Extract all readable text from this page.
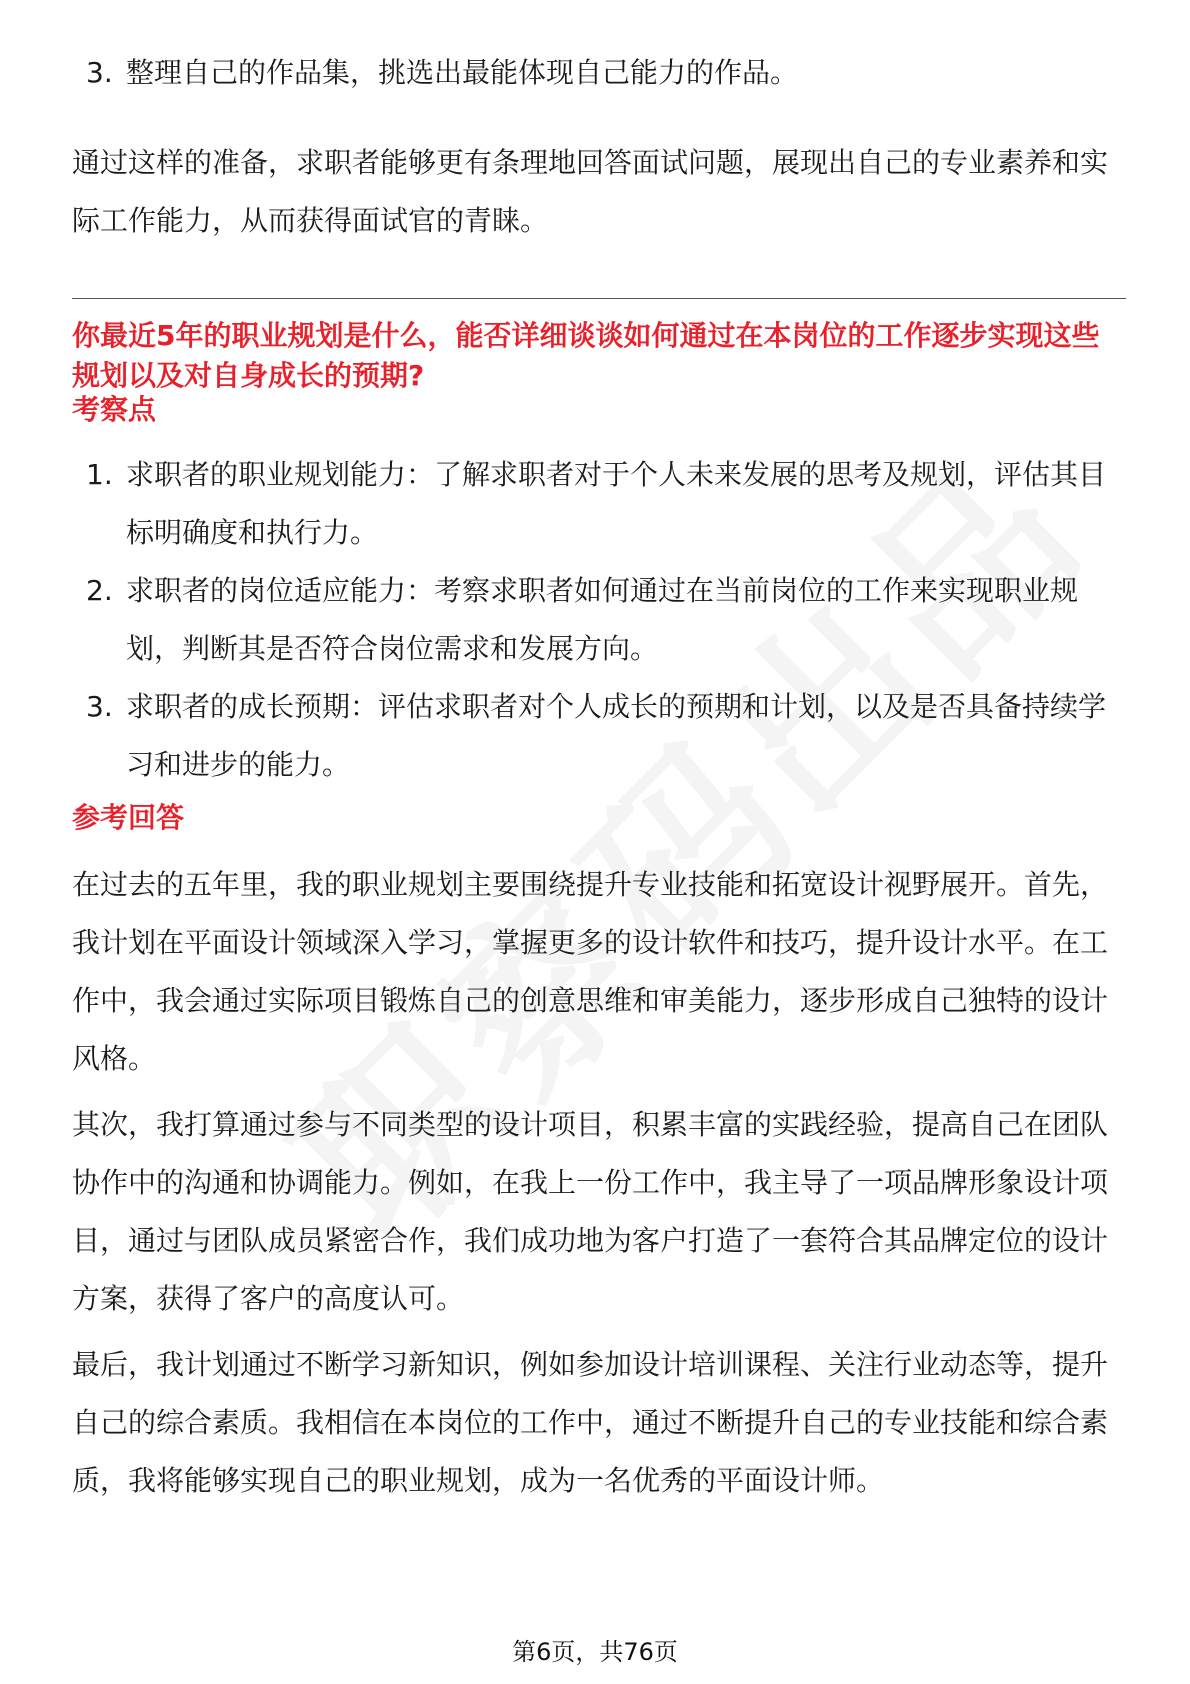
3. 整理自己的作品集，挑选出最能体现自己能力的作品。

通过这样的准备，求职者能够更有条理地回答面试问题，展现出自己的专业素养和实际工作能力，从而获得面试官的青睐。

你最近5年的职业规划是什么，能否详细谈谈如何通过在本岗位的工作逐步实现这些规划以及对自身成长的预期?

考察点

1. 求职者的职业规划能力：了解求职者对于个人未来发展的思考及规划，评估其目标明确度和执行力。
2. 求职者的岗位适应能力：考察求职者如何通过在当前岗位的工作来实现职业规划，判断其是否符合岗位需求和发展方向。
3. 求职者的成长预期：评估求职者对个人成长的预期和计划，以及是否具备持续学习和进步的能力。

参考回答

在过去的五年里，我的职业规划主要围绕提升专业技能和拓宽设计视野展开。首先，我计划在平面设计领域深入学习，掌握更多的设计软件和技巧，提升设计水平。在工作中，我会通过实际项目锻炼自己的创意思维和审美能力，逐步形成自己独特的设计风格。

其次，我打算通过参与不同类型的设计项目，积累丰富的实践经验，提高自己在团队协作中的沟通和协调能力。例如，在我上一份工作中，我主导了一项品牌形象设计项目，通过与团队成员紧密合作，我们成功地为客户打造了一套符合其品牌定位的设计方案，获得了客户的高度认可。

最后，我计划通过不断学习新知识，例如参加设计培训课程、关注行业动态等，提升自己的综合素质。我相信在本岗位的工作中，通过不断提升自己的专业技能和综合素质，我将能够实现自己的职业规划，成为一名优秀的平面设计师。

第6页，共76页
